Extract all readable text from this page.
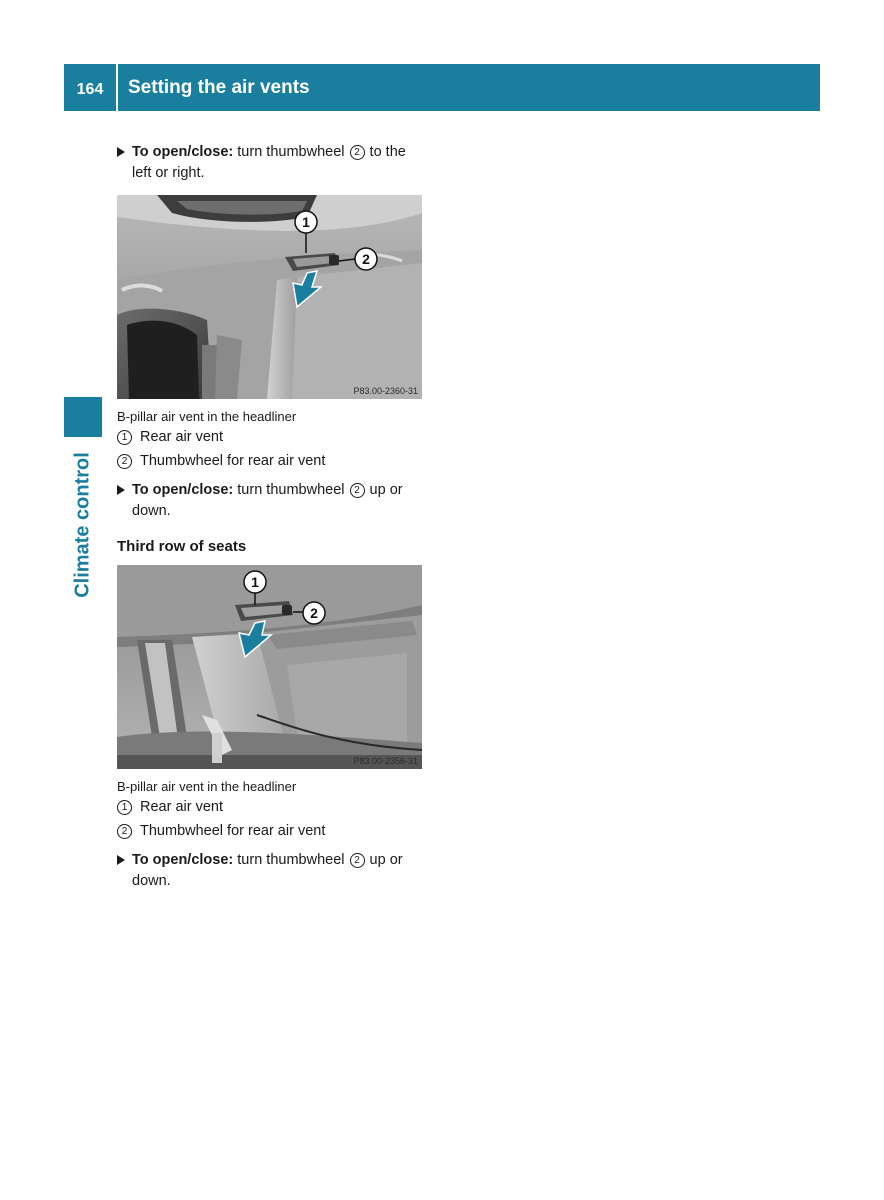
164	Setting the air vents
Climate control
To open/close: turn thumbwheel 2 to the left or right.
1
2
P83.00-2360-31
B-pillar air vent in the headliner
1 Rear air vent
2 Thumbwheel for rear air vent
To open/close: turn thumbwheel 2 up or down.
Third row of seats
1
2
P83.00-2356-31
B-pillar air vent in the headliner
1 Rear air vent
2 Thumbwheel for rear air vent
To open/close: turn thumbwheel 2 up or down.
